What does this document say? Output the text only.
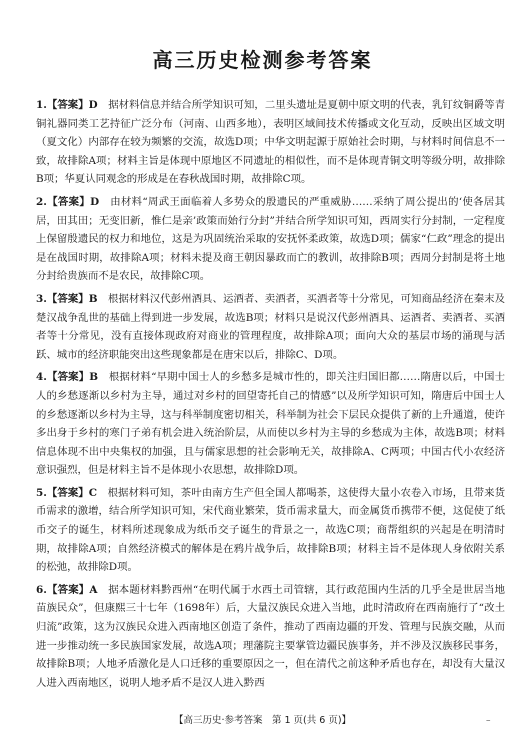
高三历史检测参考答案

1.【答案】D　 据材料信息并结合所学知识可知，二里头遗址是夏朝中原文明的代表，乳钉纹铜爵等青铜礼器同类工艺持征广泛分布（河南、山西多地），表明区域间技术传播或文化互动，反映出区域文明（夏文化）内部存在较为频繁的交流，故选D项；中华文明起源于原始社会时期，与材料时间信息不一致，故排除A项；材料主旨是体现中原地区不同遗址的相似性，而不是体现青铜文明等级分明，故排除B项；华夏认同观念的形成是在春秋战国时期，故排除C项。

2.【答案】D　 由材料“周武王面临着人多势众的殷遗民的严重威胁……采纳了周公提出的‘使各居其居，田其田；无变旧新，惟仁是亲’政策而始行分封”并结合所学知识可知，西周实行分封制，一定程度上保留殷遗民的权力和地位，这是为巩固统治采取的安抚怀柔政策，故选D项；儒家“仁政”理念的提出是在战国时期，故排除A项；材料未提及商王朝因暴政而亡的教训，故排除B项；西周分封制是将土地分封给贵族而不是农民，故排除C项。

3.【答案】B　 根据材料汉代彭州酒具、运酒者、卖酒者，买酒者等十分常见，可知商品经济在秦末及楚汉战争乱世的基础上得到进一步发展，故选B项；材料只是说汉代彭州酒具、运酒者、卖酒者、买酒者等十分常见，没有直接体现政府对商业的管理程度，故排除A项；面向大众的基层市场的涌现与活跃、城市的经济职能突出这些现象都是在唐宋以后，排除C、D项。

4.【答案】B　 根据材料“早期中国士人的乡愁多是城市性的，即关注归国旧都……隋唐以后，中国士人的乡愁逐渐以乡村为主导，通过对乡村的回望寄托自己的情感”以及所学知识可知，隋唐后中国士人的乡愁逐渐以乡村为主导，这与科举制度密切相关，科举制为社会下层民众提供了新的上升通道，使许多出身于乡村的寒门子弟有机会进入统治阶层，从而使以乡村为主导的乡愁成为主体，故选B项；材料信息体现不出中央集权的加强，且与儒家思想的社会影响无关，故排除A、C两项；中国古代小农经济意识强烈，但是材料主旨不是体现小农思想，故排除D项。

5.【答案】C　 根据材料可知，茶叶由南方生产但全国人都喝茶，这使得大量小农卷入市场，且带来货币需求的激增，结合所学知识可知，宋代商业繁荣，货币需求量大，而金属货币携带不便，这促使了纸币交子的诞生，材料所述现象成为纸币交子诞生的背景之一，故选C项；商帮组织的兴起是在明清时期，故排除A项；自然经济模式的解体是在鸦片战争后，故排除B项；材料主旨不是体现人身依附关系的松弛，故排除D项。

6.【答案】A　 据本题材料黔西州“在明代属于水西土司管辖，其行政范围内生活的几乎全是世居当地苗族民众”，但康熙三十七年（1698年）后，大量汉族民众进入当地，此时清政府在西南施行了“改土归流”政策，这为汉族民众进入西南地区创造了条件，推动了西南边疆的开发、管理与民族交融，从而进一步推动统一多民族国家发展，故选A项；理藩院主要掌管边疆民族事务，并不涉及汉族移民事务，故排除B项；人地矛盾激化是人口迁移的重要原因之一，但在清代之前这种矛盾也存在，却没有大量汉人进入西南地区，说明人地矛盾不是汉人进入黔西

【高三历史·参考答案　第 1 页(共 6 页)】	–
